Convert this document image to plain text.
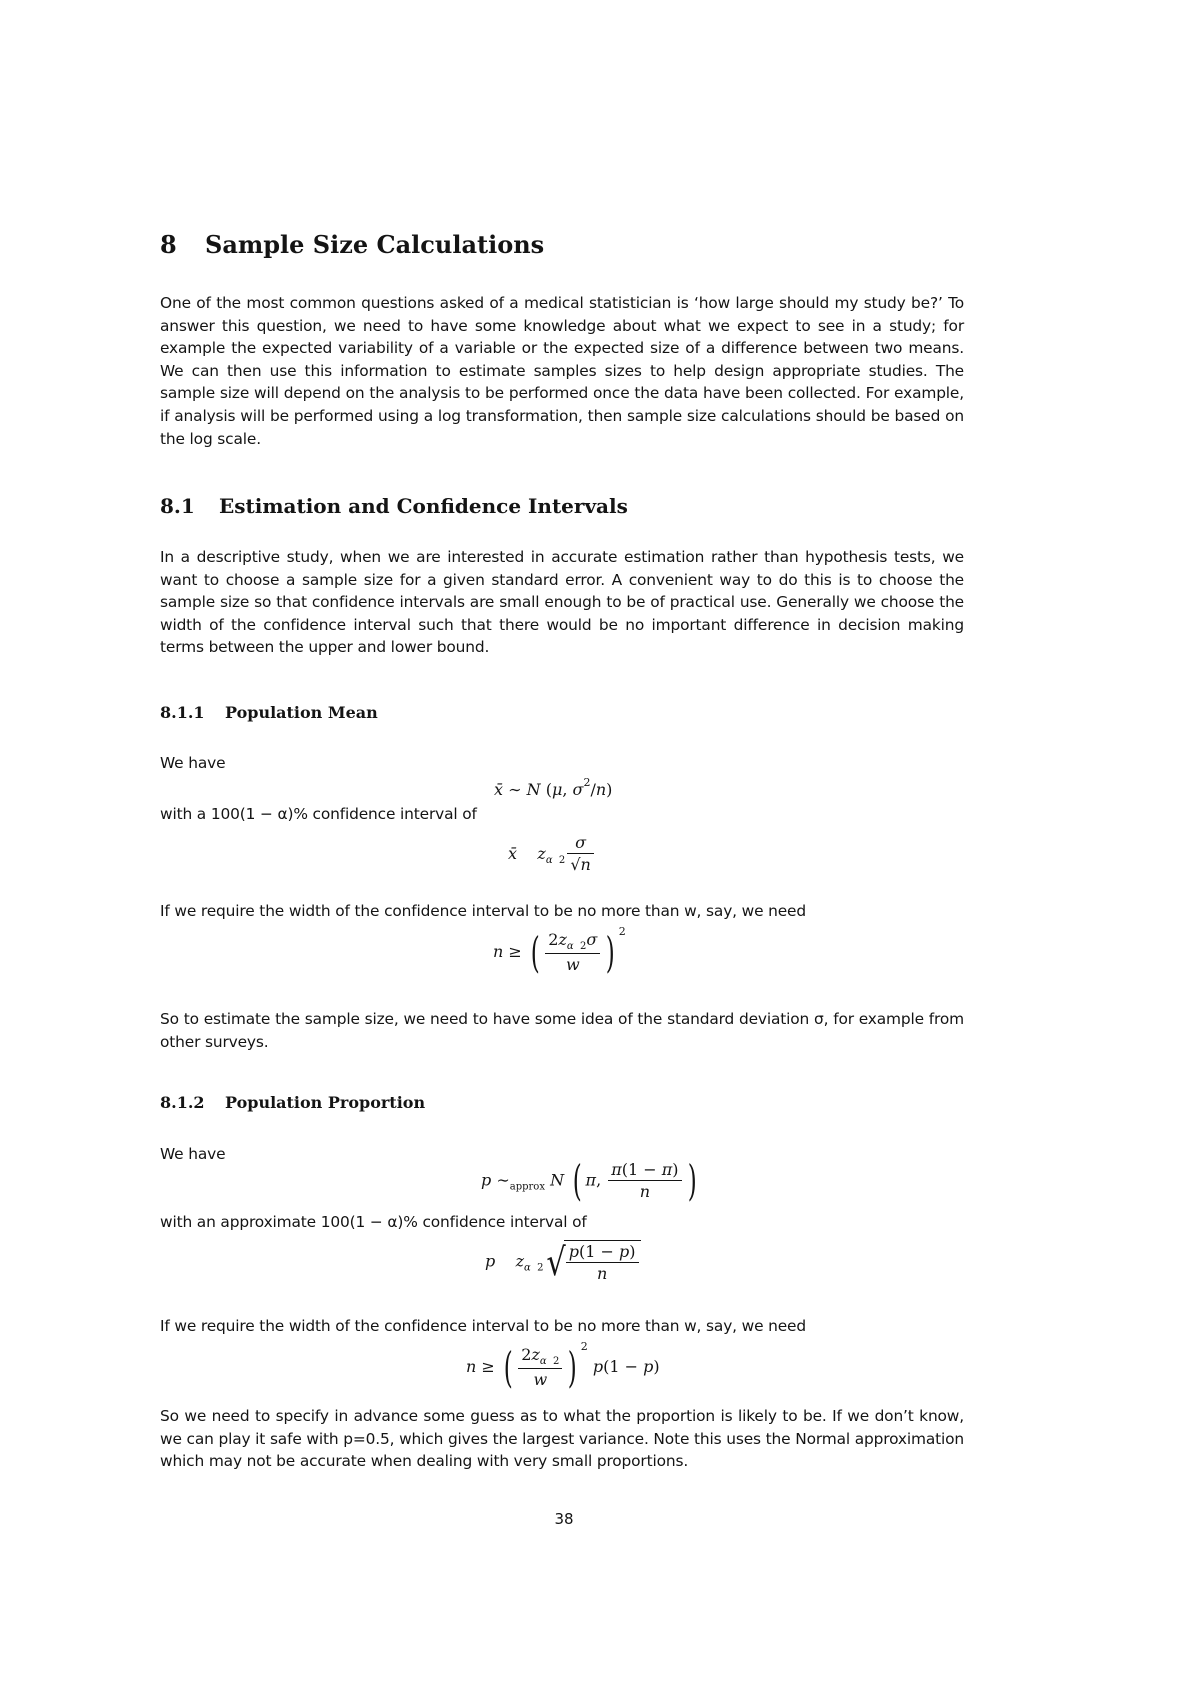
8 Sample Size Calculations
One of the most common questions asked of a medical statistician is ‘how large should my study be?’ To answer this question, we need to have some knowledge about what we expect to see in a study; for example the expected variability of a variable or the expected size of a difference between two means. We can then use this information to estimate samples sizes to help design appropriate studies. The sample size will depend on the analysis to be performed once the data have been collected. For example, if analysis will be performed using a log transformation, then sample size calculations should be based on the log scale.
8.1 Estimation and Confidence Intervals
In a descriptive study, when we are interested in accurate estimation rather than hypothesis tests, we want to choose a sample size for a given standard error. A convenient way to do this is to choose the sample size so that confidence intervals are small enough to be of practical use. Generally we choose the width of the confidence interval such that there would be no important difference in decision making terms between the upper and lower bound.
8.1.1 Population Mean
We have
x̄ ∼ N (μ, $\sigma^2/n$)
with a 100(1 − α)% confidence interval of
x̄ $z_{\alpha 2} \frac{\sigma}{√n}$
If we require the width of the confidence interval to be no more than w, say, we need
n ≥ ( $\frac{2z_{\alpha 2}\sigma}{w}$ ) $^2$
So to estimate the sample size, we need to have some idea of the standard deviation σ, for example from other surveys.
8.1.2 Population Proportion
We have
p $\sim_{approx}$ N ( π, $\frac{\pi(1 - \pi)}{n}$ )
with an approximate 100(1 − α)% confidence interval of
p $z_{\alpha 2}√ \frac{p(1 - p)}{n}$
If we require the width of the confidence interval to be no more than w, say, we need
n ≥ ( $\frac{2z_{\alpha 2}}{w}$ ) $^2$ p(1 − p)
So we need to specify in advance some guess as to what the proportion is likely to be. If we don’t know, we can play it safe with p=0.5, which gives the largest variance. Note this uses the Normal approximation which may not be accurate when dealing with very small proportions.
38
